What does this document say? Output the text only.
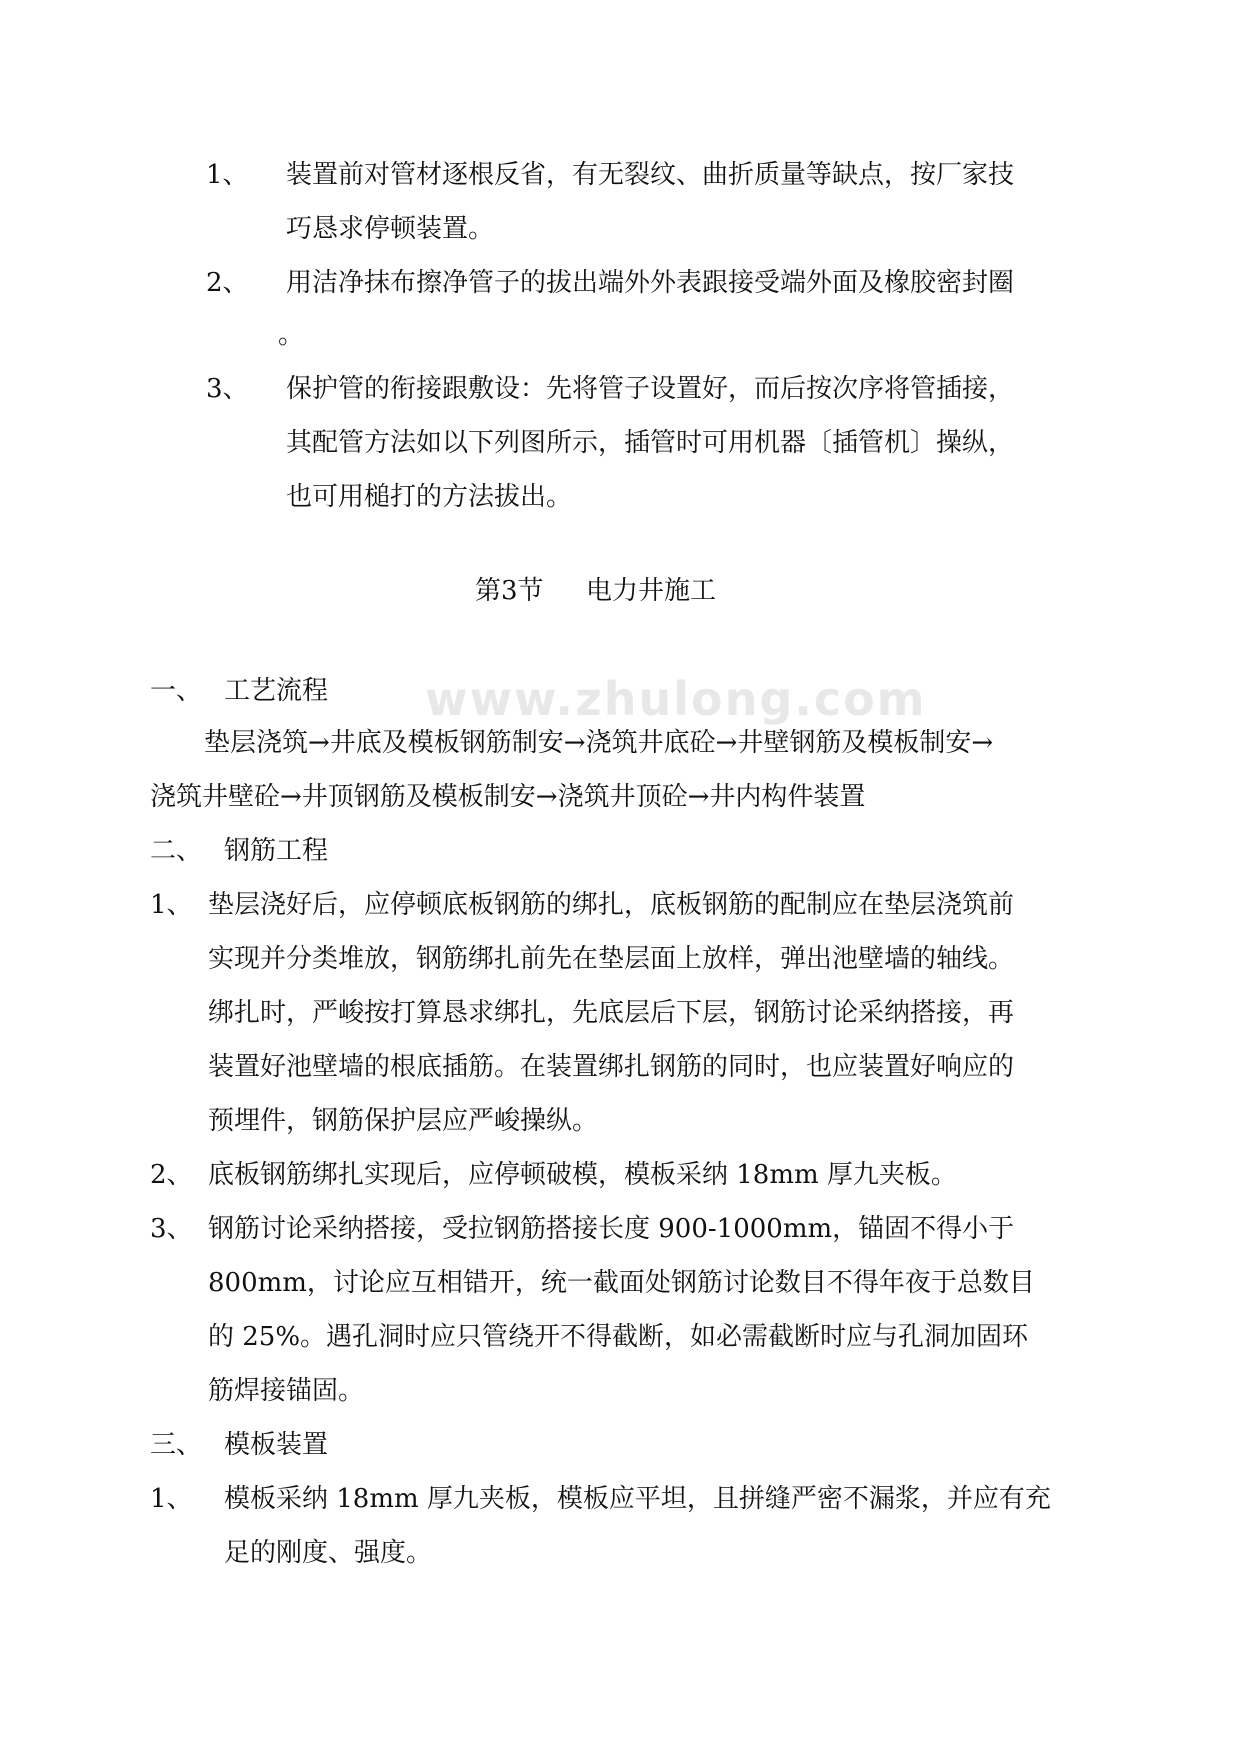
1、 装置前对管材逐根反省，有无裂纹、曲折质量等缺点，按厂家技
巧恳求停顿装置。
2、 用洁净抹布擦净管子的拔出端外外表跟接受端外面及橡胶密封圈
。
3、 保护管的衔接跟敷设：先将管子设置好，而后按次序将管插接，
其配管方法如以下列图所示，插管时可用机器〔插管机〕操纵，
也可用槌打的方法拔出。
第3节 电力井施工
www.zhulong.com
一、 工艺流程
垫层浇筑→井底及模板钢筋制安→浇筑井底砼→井壁钢筋及模板制安→
浇筑井壁砼→井顶钢筋及模板制安→浇筑井顶砼→井内构件装置
二、 钢筋工程
1、 垫层浇好后，应停顿底板钢筋的绑扎，底板钢筋的配制应在垫层浇筑前
实现并分类堆放，钢筋绑扎前先在垫层面上放样，弹出池壁墙的轴线。
绑扎时，严峻按打算恳求绑扎，先底层后下层，钢筋讨论采纳搭接，再
装置好池壁墙的根底插筋。在装置绑扎钢筋的同时，也应装置好响应的
预埋件，钢筋保护层应严峻操纵。
2、 底板钢筋绑扎实现后，应停顿破模，模板采纳 18mm 厚九夹板。
3、 钢筋讨论采纳搭接，受拉钢筋搭接长度 900-1000mm，锚固不得小于
800mm，讨论应互相错开，统一截面处钢筋讨论数目不得年夜于总数目
的 25%。遇孔洞时应只管绕开不得截断，如必需截断时应与孔洞加固环
筋焊接锚固。
三、 模板装置
1、 模板采纳 18mm 厚九夹板，模板应平坦，且拼缝严密不漏浆，并应有充
足的刚度、强度。
